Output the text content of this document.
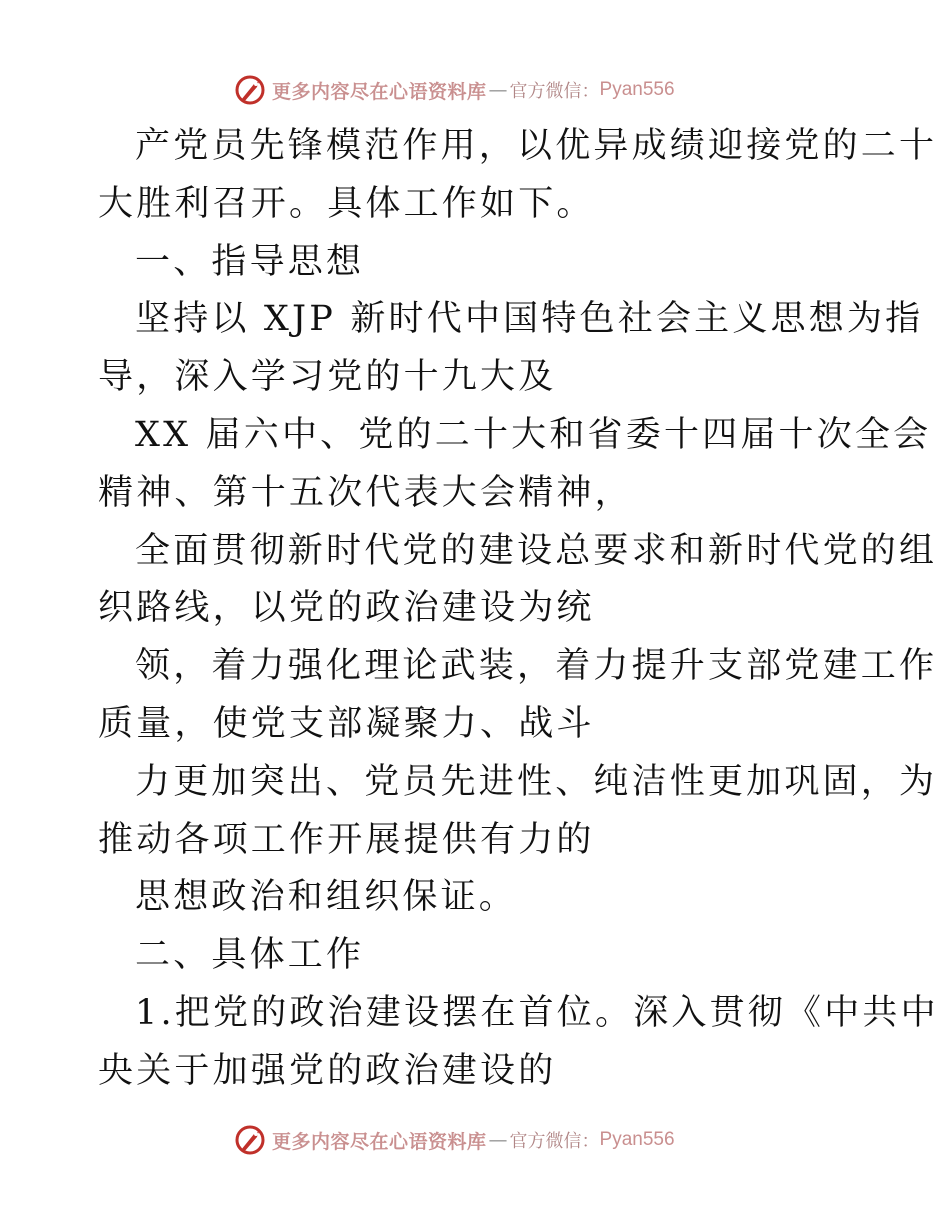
更多内容尽在心语资料库 — 官方微信： Pyan556
产党员先锋模范作用，以优异成绩迎接党的二十
大胜利召开。具体工作如下。
一、指导思想
坚持以 XJP 新时代中国特色社会主义思想为指
导，深入学习党的十九大及
XX 届六中、党的二十大和省委十四届十次全会
精神、第十五次代表大会精神，
全面贯彻新时代党的建设总要求和新时代党的组
织路线，以党的政治建设为统
领，着力强化理论武装，着力提升支部党建工作
质量，使党支部凝聚力、战斗
力更加突出、党员先进性、纯洁性更加巩固，为
推动各项工作开展提供有力的
思想政治和组织保证。
二、具体工作
1.把党的政治建设摆在首位。深入贯彻《中共中
央关于加强党的政治建设的
更多内容尽在心语资料库 — 官方微信： Pyan556
